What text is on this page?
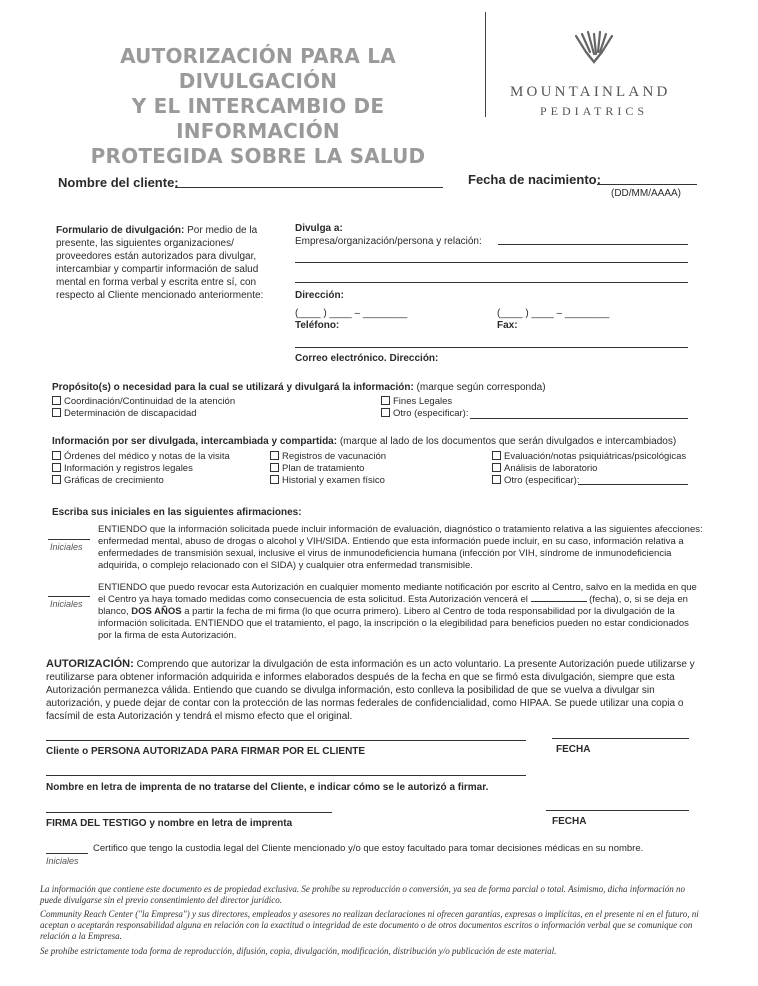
AUTORIZACIÓN PARA LA DIVULGACIÓN
Y EL INTERCAMBIO DE INFORMACIÓN
PROTEGIDA SOBRE LA SALUD
MOUNTAINLAND
PEDIATRICS
Nombre del cliente:	Fecha de nacimiento:
(DD/MM/AAAA)
Formulario de divulgación: Por medio de la presente, las siguientes organizaciones/ proveedores están autorizados para divulgar, intercambiar y compartir información de salud mental en forma verbal y escrita entre sí, con respecto al Cliente mencionado anteriormente:
Divulga a:
Empresa/organización/persona y relación:
Dirección:
(____ ) ____ – ________	(____ ) ____ – ________
Teléfono:	Fax:
Correo electrónico. Dirección:
Propósito(s) o necesidad para la cual se utilizará y divulgará la información: (marque según corresponda)
Coordinación/Continuidad de la atención
Determinación de discapacidad
Fines Legales
Otro (especificar):
Información por ser divulgada, intercambiada y compartida: (marque al lado de los documentos que serán divulgados e intercambiados)
Órdenes del médico y notas de la visita
Información y registros legales
Gráficas de crecimiento
Registros de vacunación
Plan de tratamiento
Historial y examen físico
Evaluación/notas psiquiátricas/psicológicas
Análisis de laboratorio
Otro (especificar):
Escriba sus iniciales en las siguientes afirmaciones:
Iniciales
ENTIENDO que la información solicitada puede incluir información de evaluación, diagnóstico o tratamiento relativa a las siguientes afecciones: enfermedad mental, abuso de drogas o alcohol y VIH/SIDA. Entiendo que esta información puede incluir, en su caso, información relativa a enfermedades de transmisión sexual, inclusive el virus de inmunodeficiencia humana (infección por VIH, síndrome de inmunodeficiencia adquirida, o complejo relacionado con el SIDA) y cualquier otra enfermedad transmisible.
Iniciales
ENTIENDO que puedo revocar esta Autorización en cualquier momento mediante notificación por escrito al Centro, salvo en la medida en que el Centro ya haya tomado medidas como consecuencia de esta solicitud. Esta Autorización vencerá el	(fecha), o, si se deja en blanco, DOS AÑOS a partir la fecha de mi firma (lo que ocurra primero). Libero al Centro de toda responsabilidad por la divulgación de la información solicitada. ENTIENDO que el tratamiento, el pago, la inscripción o la elegibilidad para beneficios pueden no estar condicionados por la firma de esta Autorización.
AUTORIZACIÓN: Comprendo que autorizar la divulgación de esta información es un acto voluntario. La presente Autorización puede utilizarse y reutilizarse para obtener información adquirida e informes elaborados después de la fecha en que se firmó esta divulgación, siempre que esta Autorización permanezca válida. Entiendo que cuando se divulga información, esto conlleva la posibilidad de que se vuelva a divulgar sin autorización, y puede dejar de contar con la protección de las normas federales de confidencialidad, como HIPAA. Se puede utilizar una copia o facsímil de esta Autorización y tendrá el mismo efecto que el original.
Cliente o PERSONA AUTORIZADA PARA FIRMAR POR EL CLIENTE	FECHA
Nombre en letra de imprenta de no tratarse del Cliente, e indicar cómo se le autorizó a firmar.
FIRMA DEL TESTIGO y nombre en letra de imprenta	FECHA
Iniciales
Certifico que tengo la custodia legal del Cliente mencionado y/o que estoy facultado para tomar decisiones médicas en su nombre.
La información que contiene este documento es de propiedad exclusiva. Se prohíbe su reproducción o conversión, ya sea de forma parcial o total. Asimismo, dicha información no puede divulgarse sin el previo consentimiento del director jurídico.
Community Reach Center ("la Empresa") y sus directores, empleados y asesores no realizan declaraciones ni ofrecen garantías, expresas o implícitas, en el presente ni en el futuro, ni aceptan o aceptarán responsabilidad alguna en relación con la exactitud o integridad de este documento o de otros documentos escritos o información verbal que se comunique con relación a la Empresa.
Se prohíbe estrictamente toda forma de reproducción, difusión, copia, divulgación, modificación, distribución y/o publicación de este material.
